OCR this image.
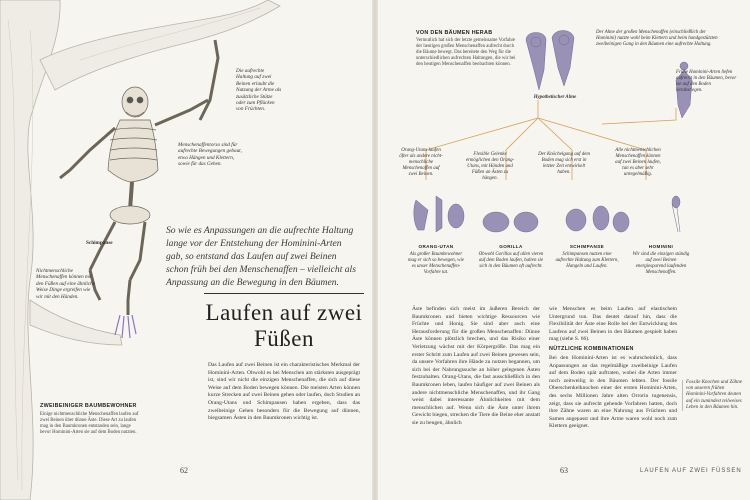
Die aufrechte Haltung auf zwei Beinen erlaubt die Nutzung der Arme als zusätzliche Stütze oder zum Pflücken von Früchten.
Menschenaffentorso sind für aufrechte Bewegungen gebaut, etwa Hängen und Klettern, sowie für das Gehen.
Schimpanse
Nichtmenschliche Menschenaffen können mit den Füßen auf eine ähnliche Weise Dinge ergreifen wie wir mit den Händen.
So wie es Anpassungen an die aufrechte Haltung lange vor der Entstehung der Hominini-Arten gab, so entstand das Laufen auf zwei Beinen schon früh bei den Menschenaffen – vielleicht als Anpassung an die Bewegung in den Bäumen.
Laufen auf zwei Füßen
Das Laufen auf zwei Beinen ist ein charakteristisches Merkmal der Hominini-Arten. Obwohl es bei Menschen am stärksten ausgeprägt ist, sind wir nicht die einzigen Menschenaffen, die sich auf diese Weise auf dem Boden bewegen können. Die meisten Arten können kurze Strecken auf zwei Beinen gehen oder laufen, doch Studien an Orang-Utans und Schimpansen haben ergeben, dass das zweibeinige Gehen besonders für die Bewegung auf dünnen, biegsamen Ästen in den Baumkronen wichtig ist.
ZWEIBEINIGER BAUMBEWOHNER
Einige nichtmenschliche Menschenaffen laufen auf zwei Beinen über dünne Äste. Diese Art zu laufen mag in den Baumkronen entstanden sein, lange bevor Hominini-Arten sie auf dem Boden nutzten.
62
VON DEN BÄUMEN HERAB
Vermutlich hat sich der letzte gemeinsame Vorfahre der heutigen großen Menschenaffen aufrecht durch die Bäume bewegt. Das bereitete den Weg für die unterschiedlichen aufrechten Haltungen, die wir bei den heutigen Menschenaffen beobachten können.
Hypothetischer Ahne
Der Ahne der großen Menschenaffen (einschließlich der Hominini) nutzte wohl beim Klettern und beim handgestützten zweibeinigen Gang in den Bäumen eine aufrechte Haltung.
Frühe Hominini-Arten liefen aufrecht in den Bäumen, bevor sie auf den Boden herabstiegen.
Orang-Utans laufen öfter als andere nicht-menschliche Menschenaffen auf zwei Beinen.
Flexible Gelenke ermöglichen den Orang-Utans, mit Händen und Füßen an Ästen zu hängen.
Der Knöchelgang auf dem Boden mag sich erst in letzter Zeit entwickelt haben.
Alle nichtmenschlichen Menschenaffen können auf zwei Beinen laufen, tun es aber sehr unregelmäßig.
ORANG-UTAN
Als großer Baumbewohner mag er sich so bewegen, wie es unser Menschenaffen-Vorfahre tat.
GORILLA
Obwohl Gorillas auf allen vieren auf dem Boden laufen, halten sie sich in den Bäumen oft aufrecht.
SCHIMPANSE
Schimpansen nutzen eine aufrechte Haltung zum Klettern, Hangeln und Laufen.
HOMININI
Wir sind die einzigen ständig auf zwei Beinen energiesparend laufenden Menschenaffen.
Äste befinden sich meist im äußeren Bereich der Baumkronen und bieten wichtige Ressourcen wie Früchte und Honig. Sie sind aber auch eine Herausforderung für die großen Menschenaffen: Dünne Äste können plötzlich brechen, und das Risiko einer Verletzung wächst mit der Körpergröße. Das mag ein erster Schritt zum Laufen auf zwei Beinen gewesen sein, da unsere Vorfahren ihre Hände zu nutzen begannen, um sich bei der Nahrungssuche an höher gelegenen Ästen festzuhalten. Orang-Utans, die fast ausschließlich in den Baumkronen leben, laufen häufiger auf zwei Beinen als andere nichtmenschliche Menschenaffen, und ihr Gang weist dabei interessante Ähnlichkeiten mit dem menschlichen auf. Wenn sich die Äste unter ihrem Gewicht biegen, strecken die Tiere die Beine eher anstatt sie zu beugen, ähnlich
wie Menschen es beim Laufen auf elastischem Untergrund tun. Das deutet darauf hin, dass die Flexibilität der Äste eine Rolle bei der Entwicklung des Laufens auf zwei Beinen in den Bäumen gespielt haben mag (siehe S. 66).
NÜTZLICHE KOMBINATIONEN
Bei den Hominini-Arten ist es wahrscheinlich, dass Anpassungen an das regelmäßige zweibeinige Laufen auf dem Boden spät auftraten, wobei die Arten immer noch zeitweilig in den Bäumen lebten. Der fossile Oberschenkelknochen einer der ersten Hominini-Arten, des sechs Millionen Jahre alten Orrorin tugenensis, zeigt, dass sie aufrecht gehende Vorfahren hatten, doch ihre Zähne waren an eine Nahrung aus Früchten und Samen angepasst und ihre Arme waren wohl noch zum Klettern geeignet.
Fossile Knochen und Zähne von unseren frühen Hominini-Vorfahren deuten auf ein zumindest teilweises Leben in den Bäumen hin.
63	LAUFEN AUF ZWEI FÜSSEN
